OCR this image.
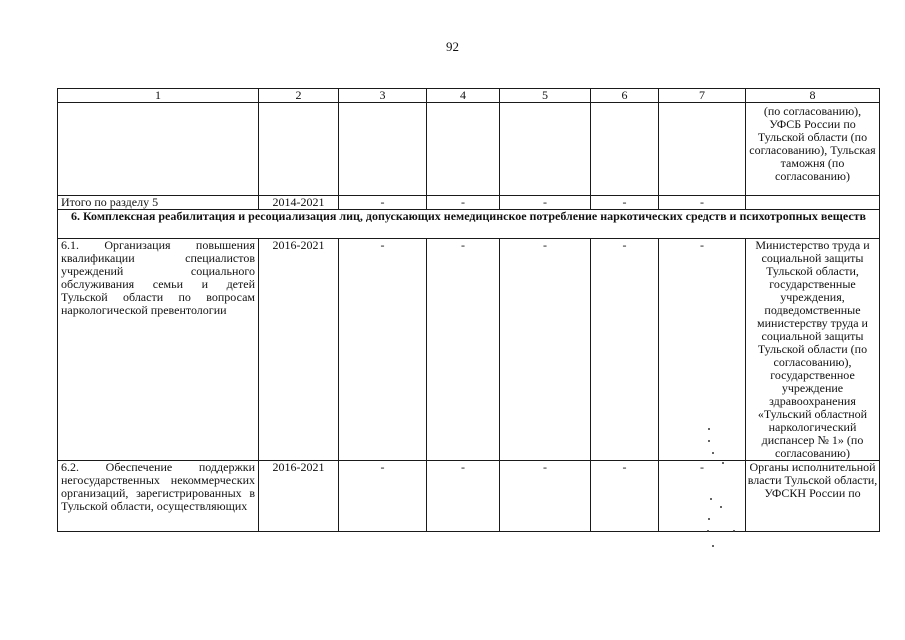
92
1	2	3	4	5	6	7	8
							(по согласованию), УФСБ России по Тульской области (по согласованию), Тульская таможня (по согласованию)
Итого по разделу 5	2014-2021	-	-	-	-	-	
6. Комплексная реабилитация и ресоциализация лиц, допускающих немедицинское потребление наркотических средств и психотропных веществ							
6.1. Организация повышения квалификации специалистов учреждений социального обслуживания семьи и детей Тульской области по вопросам наркологической превентологии	2016-2021	-	-	-	-	-	Министерство труда и социальной защиты Тульской области, государственные учреждения, подведомственные министерству труда и социальной защиты Тульской области (по согласованию), государственное учреждение здравоохранения «Тульский областной наркологический диспансер № 1» (по согласованию)

6.2. Обеспечение поддержки негосударственных некоммерческих организаций, зарегистрированных в Тульской области, осуществляющих	2016-2021	-	-	-	-	-	Органы исполнительной власти Тульской области, УФСКН России по
